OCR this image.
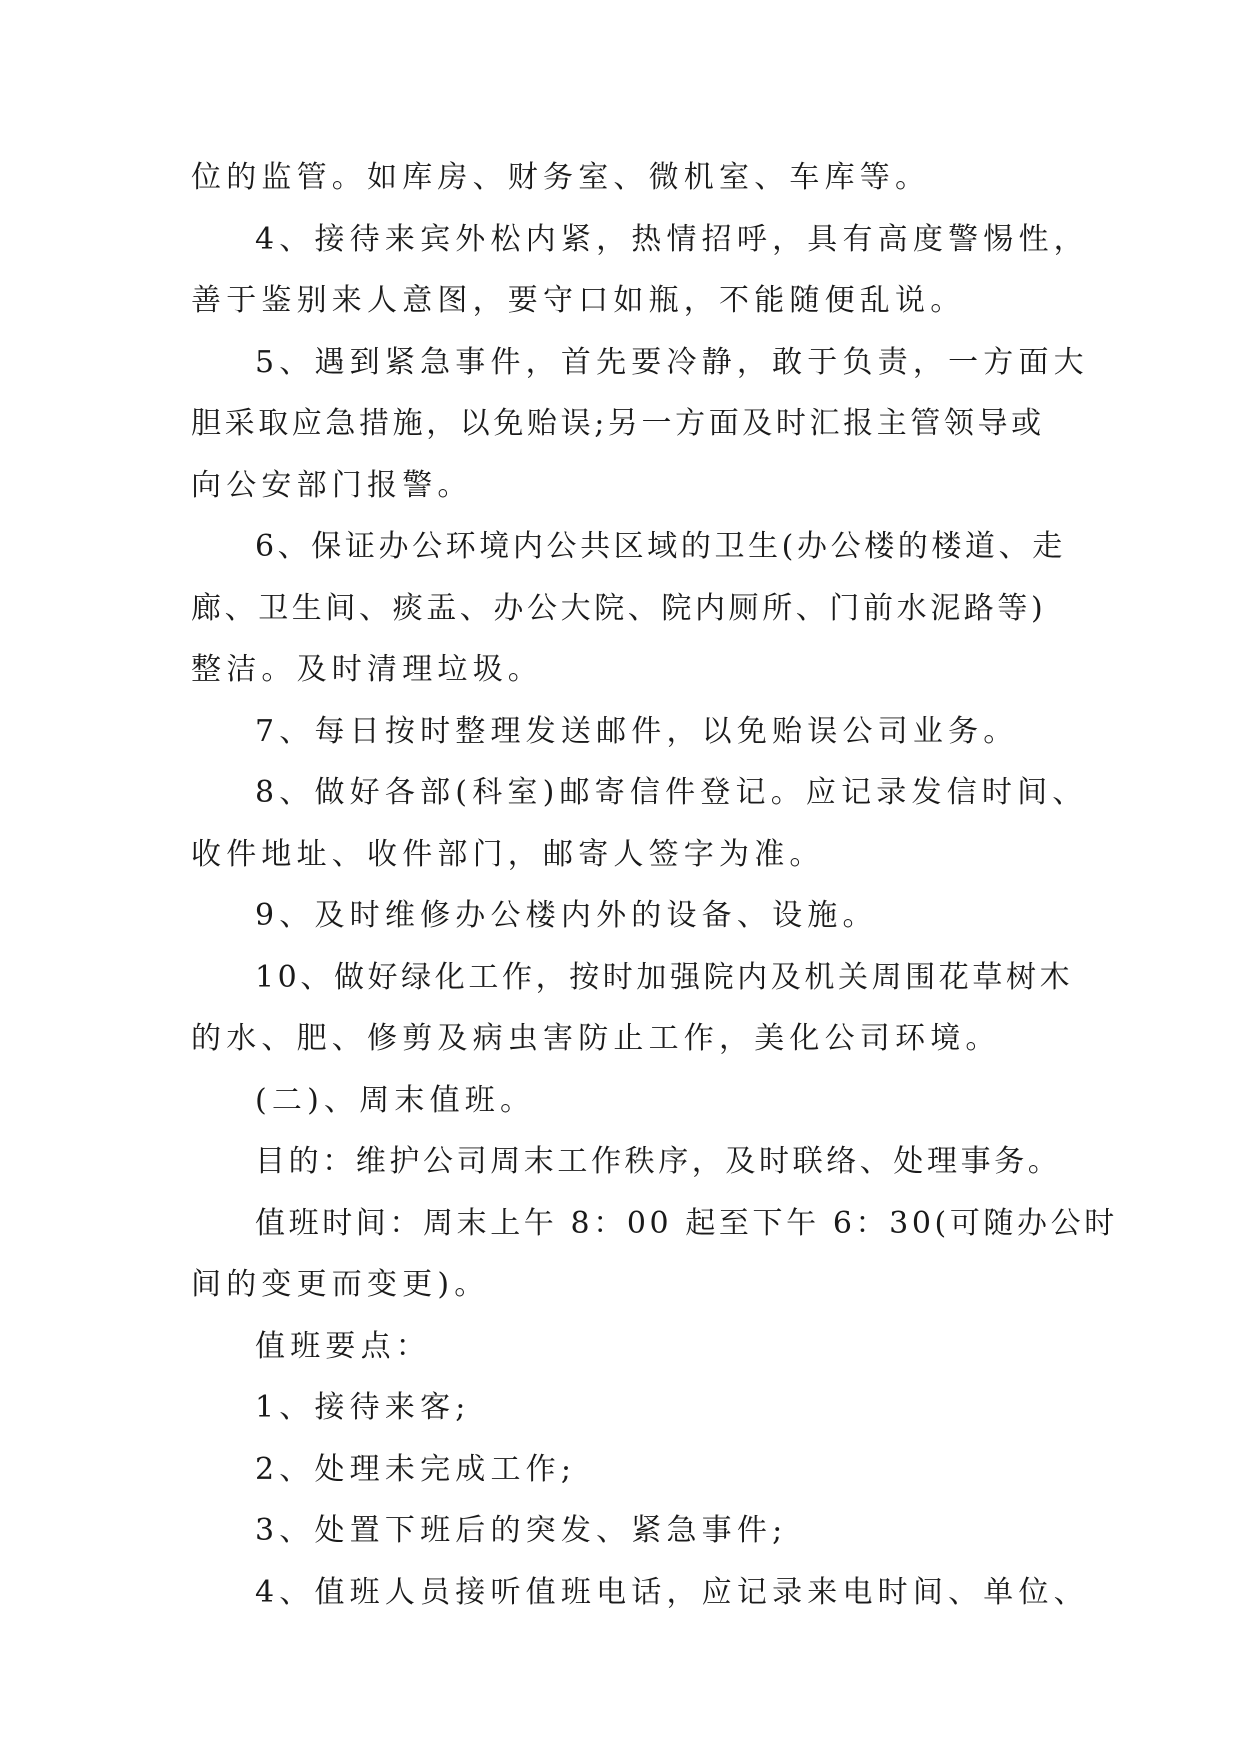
位的监管。如库房、财务室、微机室、车库等。
4、接待来宾外松内紧，热情招呼，具有高度警惕性，
善于鉴别来人意图，要守口如瓶，不能随便乱说。
5、遇到紧急事件，首先要冷静，敢于负责，一方面大
胆采取应急措施，以免贻误;另一方面及时汇报主管领导或
向公安部门报警。
6、保证办公环境内公共区域的卫生(办公楼的楼道、走
廊、卫生间、痰盂、办公大院、院内厕所、门前水泥路等)
整洁。及时清理垃圾。
7、每日按时整理发送邮件，以免贻误公司业务。
8、做好各部(科室)邮寄信件登记。应记录发信时间、
收件地址、收件部门，邮寄人签字为准。
9、及时维修办公楼内外的设备、设施。
10、做好绿化工作，按时加强院内及机关周围花草树木
的水、肥、修剪及病虫害防止工作，美化公司环境。
(二)、周末值班。
目的：维护公司周末工作秩序，及时联络、处理事务。
值班时间：周末上午 8：00 起至下午 6：30(可随办公时
间的变更而变更)。
值班要点：
1、接待来客;
2、处理未完成工作;
3、处置下班后的突发、紧急事件;
4、值班人员接听值班电话，应记录来电时间、单位、
